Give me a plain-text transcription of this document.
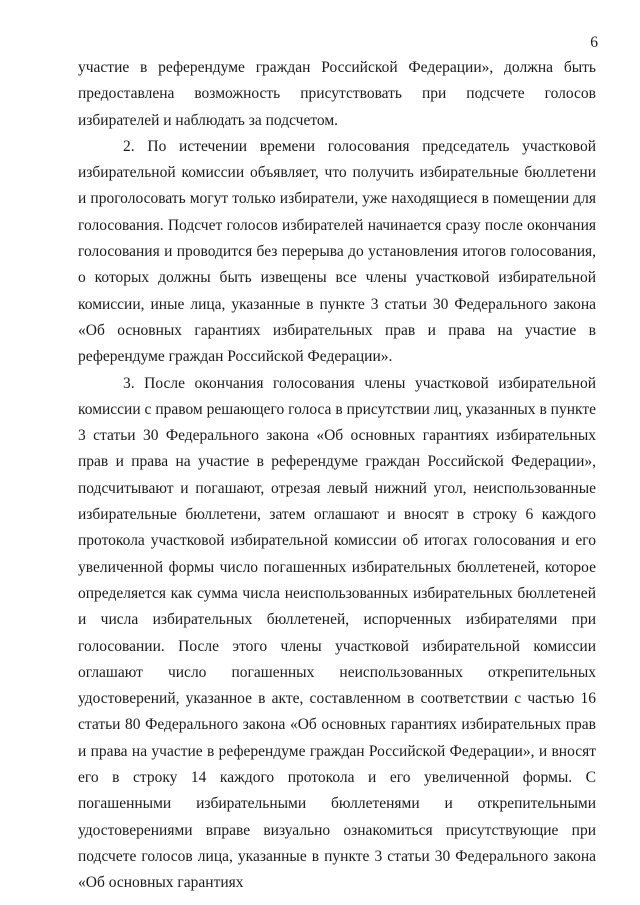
6

участие в референдуме граждан Российской Федерации», должна быть предоставлена возможность присутствовать при подсчете голосов избирателей и наблюдать за подсчетом.

2. По истечении времени голосования председатель участковой избирательной комиссии объявляет, что получить избирательные бюллетени и проголосовать могут только избиратели, уже находящиеся в помещении для голосования. Подсчет голосов избирателей начинается сразу после окончания голосования и проводится без перерыва до установления итогов голосования, о которых должны быть извещены все члены участковой избирательной комиссии, иные лица, указанные в пункте 3 статьи 30 Федерального закона «Об основных гарантиях избирательных прав и права на участие в референдуме граждан Российской Федерации».

3. После окончания голосования члены участковой избирательной комиссии с правом решающего голоса в присутствии лиц, указанных в пункте 3 статьи 30 Федерального закона «Об основных гарантиях избирательных прав и права на участие в референдуме граждан Российской Федерации», подсчитывают и погашают, отрезая левый нижний угол, неиспользованные избирательные бюллетени, затем оглашают и вносят в строку 6 каждого протокола участковой избирательной комиссии об итогах голосования и его увеличенной формы число погашенных избирательных бюллетеней, которое определяется как сумма числа неиспользованных избирательных бюллетеней и числа избирательных бюллетеней, испорченных избирателями при голосовании. После этого члены участковой избирательной комиссии оглашают число погашенных неиспользованных открепительных удостоверений, указанное в акте, составленном в соответствии с частью 16 статьи 80 Федерального закона «Об основных гарантиях избирательных прав и права на участие в референдуме граждан Российской Федерации», и вносят его в строку 14 каждого протокола и его увеличенной формы. С погашенными избирательными бюллетенями и открепительными удостоверениями вправе визуально ознакомиться присутствующие при подсчете голосов лица, указанные в пункте 3 статьи 30 Федерального закона «Об основных гарантиях
